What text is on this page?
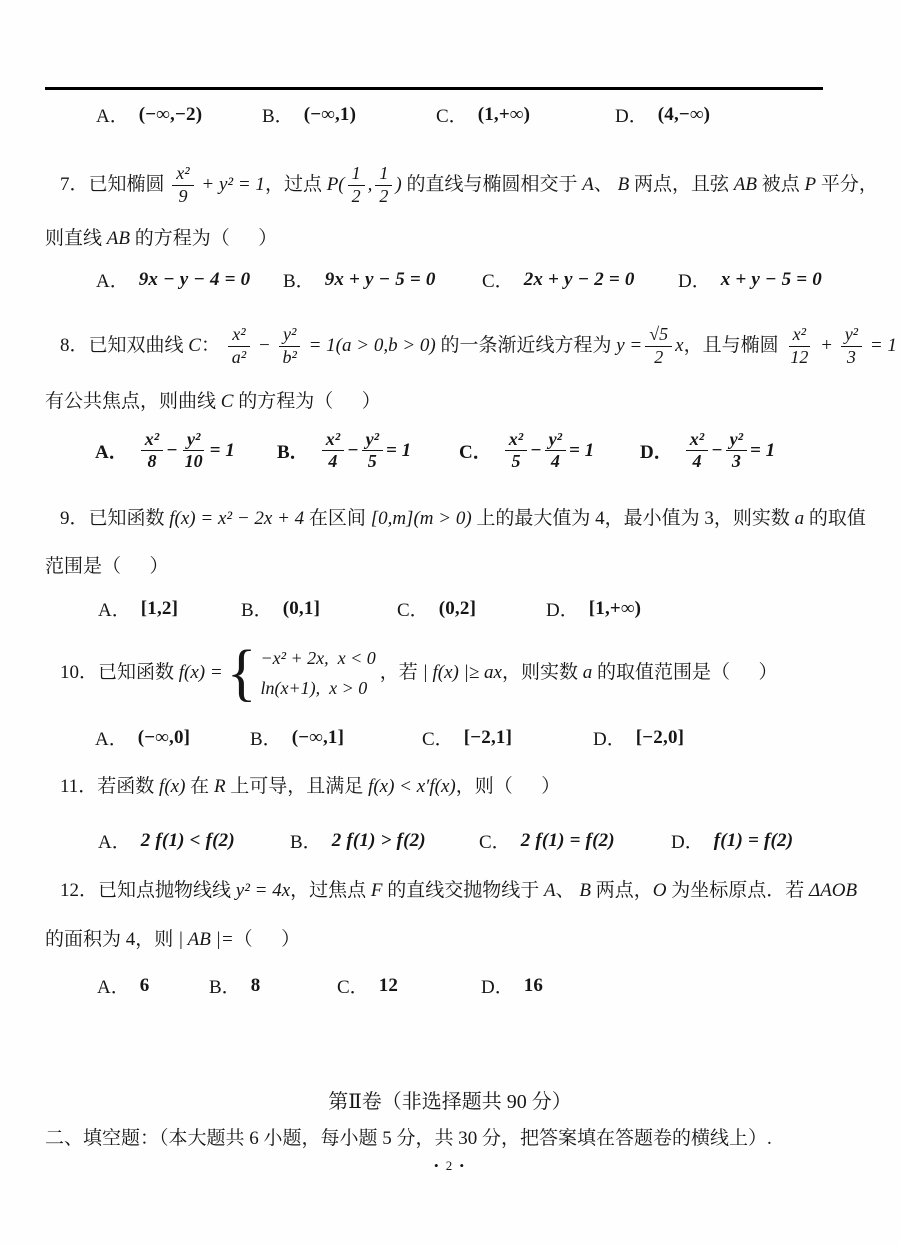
A． (−∞,−2)	B． (−∞,1)	C． (1,+∞)	D． (4,−∞)
7．已知椭圆 $\frac{\text{x²}}{9} + y^2 = 1$ ，过点 $P( \frac{1}{2}$ , $\frac{1}{2}$ ) 的直线与椭圆相交于 A 、 B 两点，且弦 AB 被点 P 平分，
则直线 AB 的方程为（      ）
A． 9x − y − 4 = 0 B． 9x + y − 5 = 0 C． 2x + y − 2 = 0 D． x + y − 5 = 0
8．已知双曲线 C ： $\frac{\text{x²}}{\text{a²}} - \frac{\text{y²}}{\text{b²}} = 1(a > 0,b > 0)$ 的一条渐近线方程为 $y = \frac{√5}{2}$ x ，且与椭圆 $\frac{\text{x²}}{12} + \frac{\text{y²}}{3} = 1$
有公共焦点，则曲线 C 的方程为（      ）
A． $\frac{\text{x²}}{8} - \frac{\text{y²}}{10} = 1$ B． $\frac{\text{x²}}{4} - \frac{\text{y²}}{5} = 1$	C． $\frac{\text{x²}}{5} - \frac{\text{y²}}{4} = 1$ D． $\frac{\text{x²}}{4} - \frac{\text{y²}}{3} = 1$
9．已知函数 f(x) = x² − 2x + 4 在区间 [0,m](m > 0) 上的最大值为 4，最小值为 3，则实数 a 的取值
范围是（      ）
A． [1,2]	B． (0,1]	C． (0,2]	D． [1,+∞)
10．已知函数 f(x) = { −x² + 2x,  x < 0
ln(x+1),  x > 0
，若 | f(x) |≥ ax ，则实数 a 的取值范围是（      ）
A． (−∞,0]	B． (−∞,1]	C． [−2,1]	D． [−2,0]
11．若函数 f(x) 在 R 上可导，且满足 f(x) < x′f(x) ，则（      ）
A． 2 f(1) < f(2)	B． 2 f(1) > f(2)	C． 2 f(1) = f(2)	D． f(1) = f(2)
12．已知点抛物线线 y² = 4x ，过焦点 F 的直线交抛物线于 A 、 B 两点， O 为坐标原点．若 ΔAOB
的面积为 4，则 | AB |= （      ）
A． 6	B． 8	C． 12	D． 16
第Ⅱ卷（非选择题共 90 分）
二、填空题：（本大题共 6 小题，每小题 5 分，共 30 分，把答案填在答题卷的横线上）.
• 2 •
